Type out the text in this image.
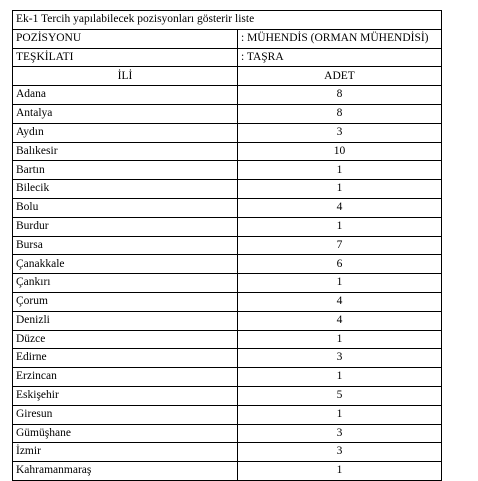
Ek-1 Tercih yapılabilecek pozisyonları gösterir liste	
POZİSYONU	: MÜHENDİS (ORMAN MÜHENDİSİ)
TEŞKİLATI	: TAŞRA
İLİ	ADET
Adana	8
Antalya	8
Aydın	3
Balıkesir	10
Bartın	1
Bilecik	1
Bolu	4
Burdur	1
Bursa	7
Çanakkale	6
Çankırı	1
Çorum	4
Denizli	4
Düzce	1
Edirne	3
Erzincan	1
Eskişehir	5
Giresun	1
Gümüşhane	3
İzmir	3
Kahramanmaraş	1
